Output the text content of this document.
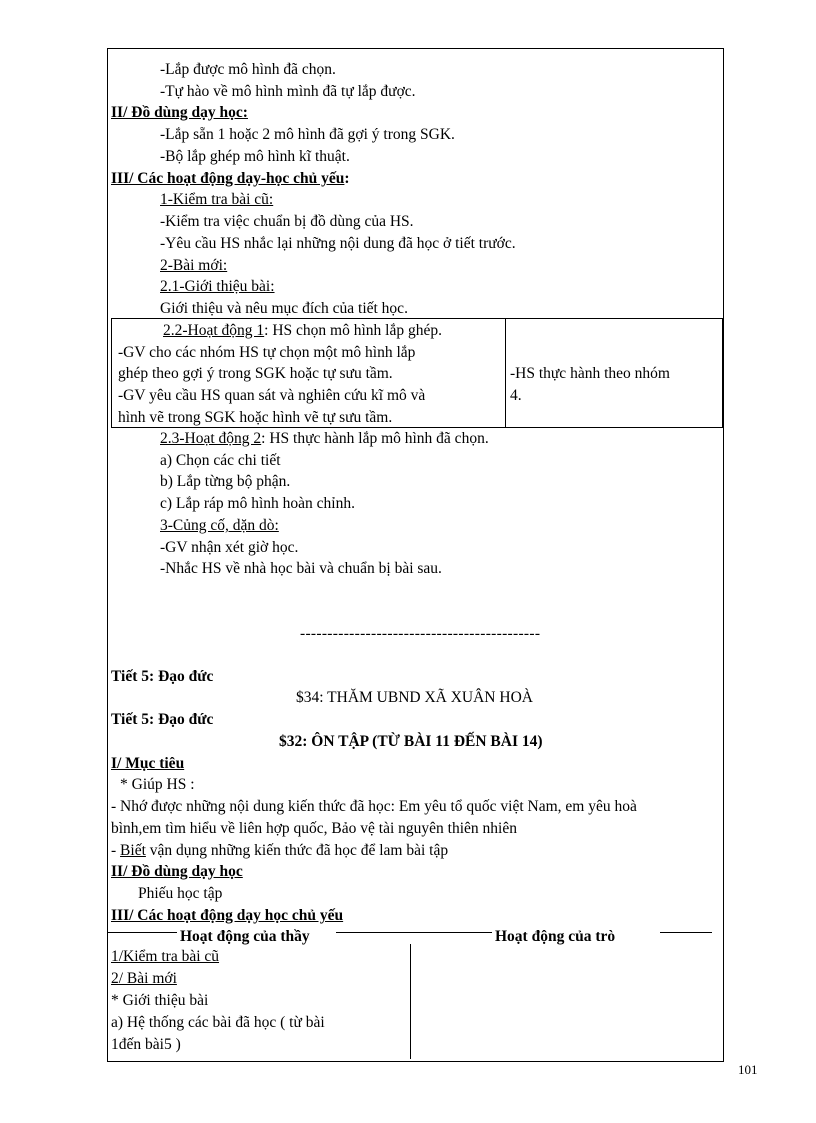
-Lắp được mô hình đã chọn.
-Tự hào về mô hình mình đã tự lắp được.
II/ Đồ dùng dạy học:
-Lắp sẵn 1 hoặc 2 mô hình đã gợi ý trong SGK.
-Bộ lắp ghép mô hình kĩ thuật.
III/ Các hoạt động dạy-học chủ yếu:
1-Kiểm tra bài cũ:
-Kiểm tra việc chuẩn bị đồ dùng của HS.
-Yêu cầu HS nhắc lại những nội dung đã học ở tiết trước.
2-Bài mới:
2.1-Giới thiệu bài:
Giới thiệu và nêu mục đích của tiết học.
2.2-Hoạt động 1: HS chọn mô hình lắp ghép.
-GV cho các nhóm HS tự chọn một mô hình lắp
ghép theo gợi ý trong SGK hoặc tự sưu tầm.
-GV yêu cầu HS quan sát và nghiên cứu kĩ mô và
hình vẽ trong SGK hoặc hình vẽ tự sưu tầm.
-HS thực hành theo nhóm
4.
2.3-Hoạt động 2: HS thực hành lắp mô hình đã chọn.
a) Chọn các chi tiết
b) Lắp từng bộ phận.
c) Lắp ráp mô hình hoàn chỉnh.
3-Củng cố, dặn dò:
-GV nhận xét giờ học.
-Nhắc HS về nhà học bài và chuẩn bị bài sau.
--------------------------------------------
Tiết 5: Đạo đức
$34: THĂM UBND XÃ XUÂN HOÀ
Tiết 5: Đạo đức
$32: ÔN TẬP (TỪ BÀI 11 ĐẾN BÀI 14)
I/ Mục tiêu
* Giúp HS :
- Nhớ được những nội dung kiến thức đã học: Em yêu tổ quốc việt Nam, em yêu hoà
bình,em tìm hiểu về liên hợp quốc, Bảo vệ tài nguyên thiên nhiên
- Biết vận dụng những kiến thức đã học để lam bài tập
II/ Đồ dùng dạy học
Phiếu học tập
III/ Các hoạt động dạy học chủ yếu
Hoạt động của thầy	Hoạt động của trò
1/Kiểm tra bài cũ
2/ Bài mới
* Giới thiệu bài
a) Hệ thống các bài đã học ( từ bài
1đến bài5 )
101
